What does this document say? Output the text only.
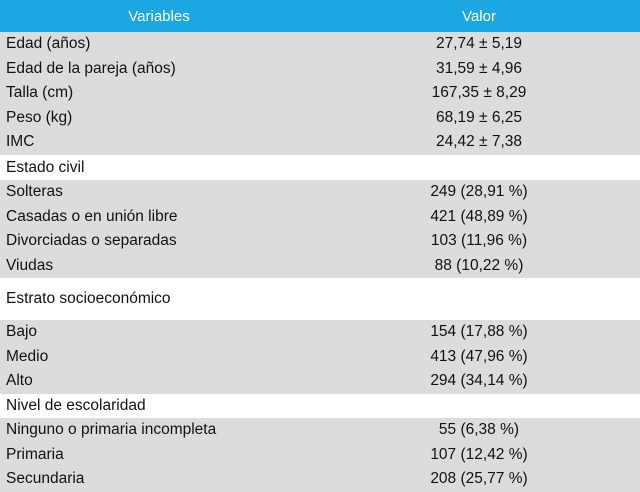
Variables	Valor
Edad (años)	27,74 ± 5,19
Edad de la pareja (años)	31,59 ± 4,96
Talla (cm)	167,35 ± 8,29
Peso (kg)	68,19 ± 6,25
IMC	24,42 ± 7,38
Estado civil
Solteras	249 (28,91 %)
Casadas o en unión libre	421 (48,89 %)
Divorciadas o separadas	103 (11,96 %)
Viudas	88 (10,22 %)
Estrato socioeconómico
Bajo	154 (17,88 %)
Medio	413 (47,96 %)
Alto	294 (34,14 %)
Nivel de escolaridad
Ninguno o primaria incompleta	55 (6,38 %)
Primaria	107 (12,42 %)
Secundaria	208 (25,77 %)
